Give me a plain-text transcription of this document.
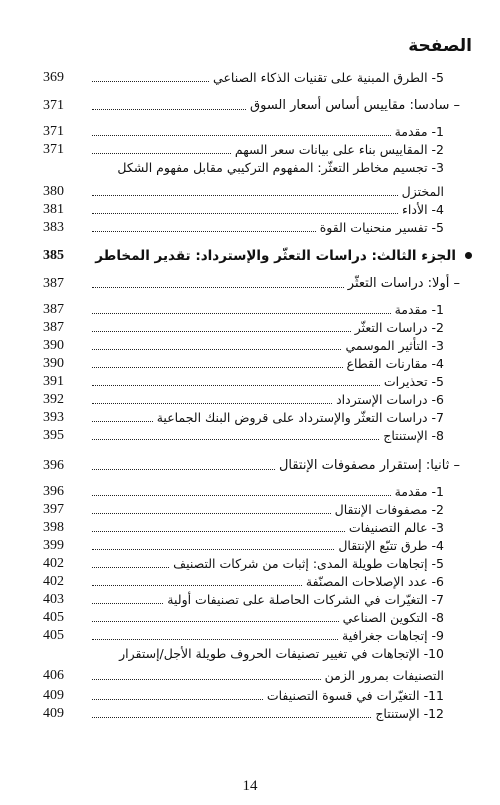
الصفحة
369	5- الطرق المبنية على تقنيات الذكاء الصناعي
371	– سادسا: مقاييس أساس أسعار السوق
371	1- مقدمة
371	2- المقاييس بناء على بيانات سعر السهم
3- تجسيم مخاطر التعثّر: المفهوم التركيبي مقابل مفهوم الشكل
380	المختزل
381	4- الأداء
383	5- تفسير منحنيات القوة
385	الجزء الثالث: دراسات التعثّر والإسترداد: تقدير المخاطر
387	– أولا: دراسات التعثّر
387	1- مقدمة
387	2- دراسات التعثّر
390	3- التأثير الموسمي
390	4- مقارنات القطاع
391	5- تحذيرات
392	6- دراسات الإسترداد
393	7- دراسات التعثّر والإسترداد على قروض البنك الجماعية
395	8- الإستنتاج
396	– ثانيا: إستقرار مصفوفات الإنتقال
396	1- مقدمة
397	2- مصفوفات الإنتقال
398	3- عالم التصنيفات
399	4- طرق تتبّع الإنتقال
402	5- إتجاهات طويلة المدى: إثبات من شركات التصنيف
402	6- عدد الإصلاحات المصنّفة
403	7- التغيّرات في الشركات الحاصلة على تصنيفات أولية
405	8- التكوين الصناعي
405	9- إتجاهات جغرافية
10- الإتجاهات في تغيير تصنيفات الحروف طويلة الأجل/إستقرار
406	التصنيفات بمرور الزمن
409	11- التغيّرات في قسوة التصنيفات
409	12- الإستنتاج
14
